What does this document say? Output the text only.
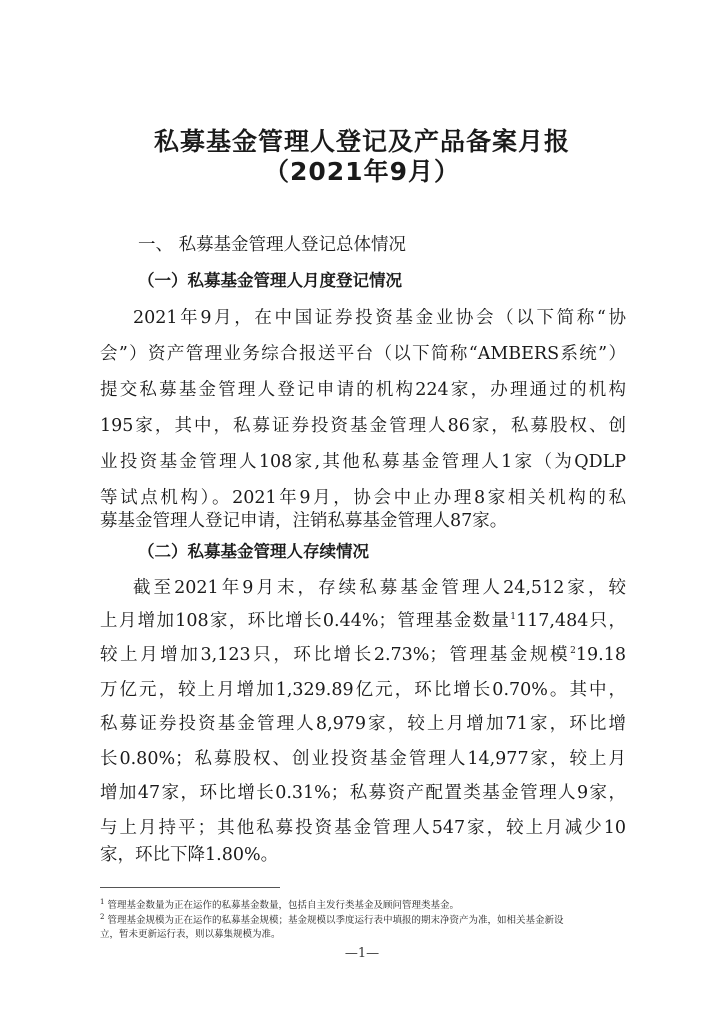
私募基金管理人登记及产品备案月报
（2021年9月）
一、 私募基金管理人登记总体情况
（一）私募基金管理人月度登记情况
2021年9月，在中国证券投资基金业协会（以下简称“协
会”）资产管理业务综合报送平台（以下简称“AMBERS系统”）
提交私募基金管理人登记申请的机构224家，办理通过的机构
195家，其中，私募证券投资基金管理人86家，私募股权、创
业投资基金管理人108家,其他私募基金管理人1家（为QDLP
等试点机构）。2021年9月，协会中止办理8家相关机构的私
募基金管理人登记申请，注销私募基金管理人87家。
（二）私募基金管理人存续情况
截至2021年9月末，存续私募基金管理人24,512家，较
上月增加108家，环比增长0.44%；管理基金数量$^1$117,484只，
较上月增加3,123只，环比增长2.73%；管理基金规模$^2$19.18
万亿元，较上月增加1,329.89亿元，环比增长0.70%。其中，
私募证券投资基金管理人8,979家，较上月增加71家，环比增
长0.80%；私募股权、创业投资基金管理人14,977家，较上月
增加47家，环比增长0.31%；私募资产配置类基金管理人9家，
与上月持平；其他私募投资基金管理人547家，较上月减少10
家，环比下降1.80%。
$^1$ 管理基金数量为正在运作的私募基金数量，包括自主发行类基金及顾问管理类基金。
$^2$ 管理基金规模为正在运作的私募基金规模；基金规模以季度运行表中填报的期末净资产为准，如相关基金新设
立，暂未更新运行表，则以募集规模为准。
—1—
